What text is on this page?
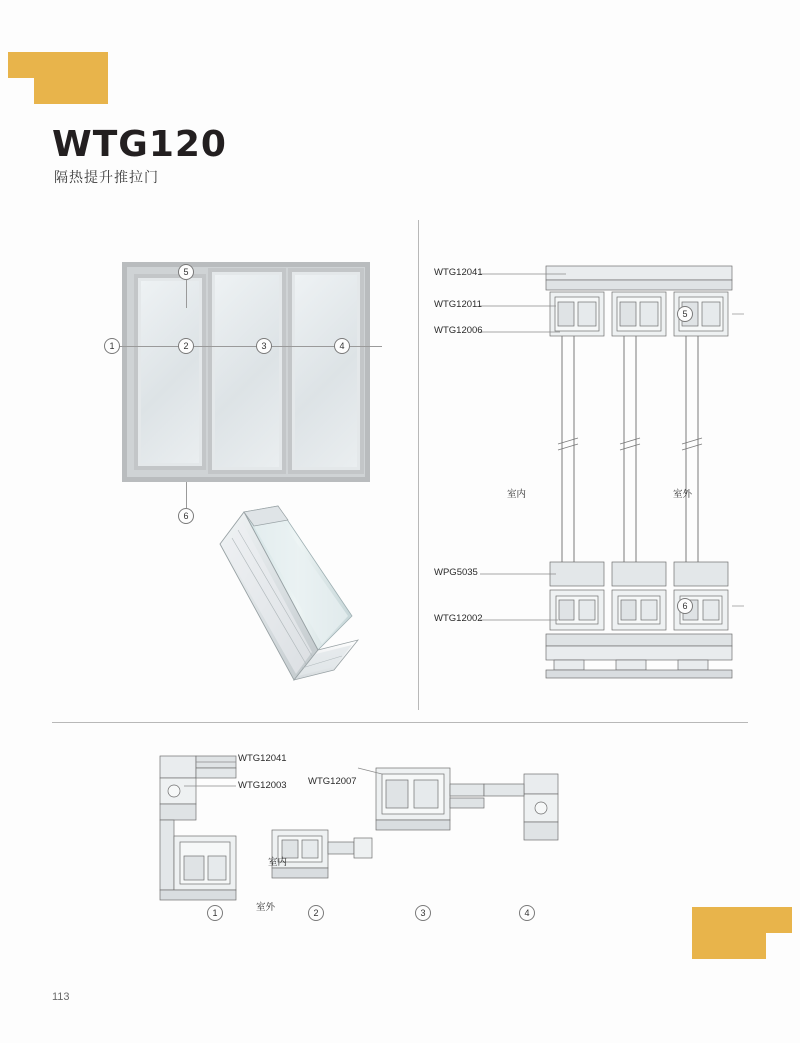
WTG120
隔热提升推拉门
1	2	3	4
5
6
WTG12041
WTG12011
WTG12006
WPG5035
WTG12002
室内	室外
5
6
WTG12041
WTG12003 WTG12007
室内
室外
1	2	3	4
113
